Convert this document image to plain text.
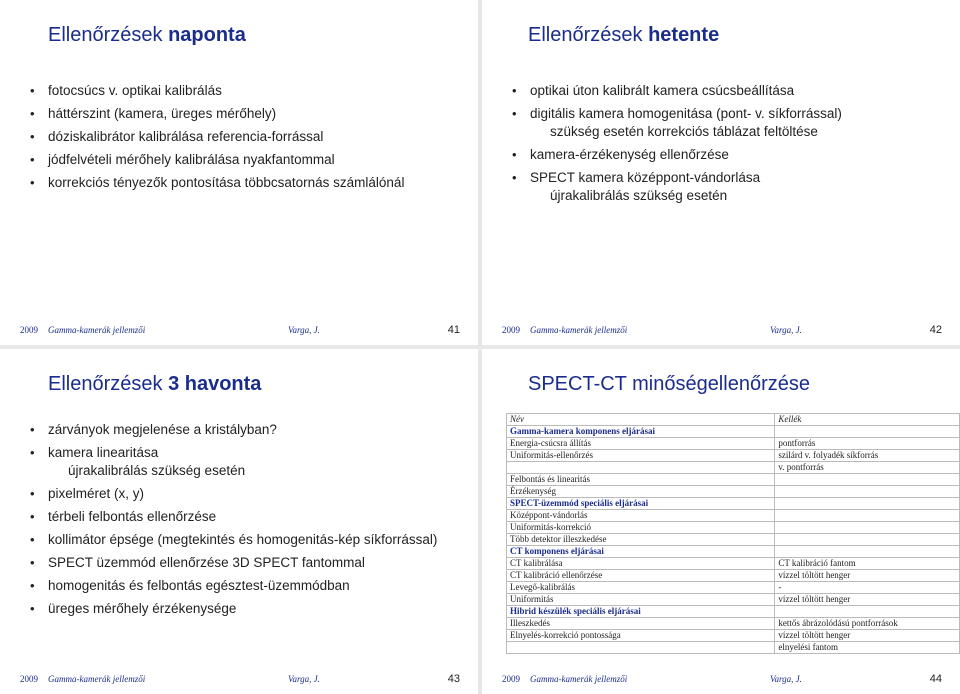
Ellenőrzések naponta
• fotocsúcs v. optikai kalibrálás
• háttérszint (kamera, üreges mérőhely)
• dóziskalibrátor kalibrálása referencia-forrással
• jódfelvételi mérőhely kalibrálása nyakfantommal
• korrekciós tényezők pontosítása többcsatornás számlálónál
2009 Gamma-kamerák jellemzői	Varga, J.	41
Ellenőrzések hetente
• optikai úton kalibrált kamera csúcsbeállítása
• digitális kamera homogenitása (pont- v. síkforrással)
szükség esetén korrekciós táblázat feltöltése
• kamera-érzékenység ellenőrzése
• SPECT kamera középpont-vándorlása
újrakalibrálás szükség esetén
2009 Gamma-kamerák jellemzői	Varga, J.	42
Ellenőrzések 3 havonta
• zárványok megjelenése a kristályban?
• kamera linearitása
újrakalibrálás szükség esetén
• pixelméret (x, y)
• térbeli felbontás ellenőrzése
• kollimátor épsége (megtekintés és homogenitás-kép síkforrással)
• SPECT üzemmód ellenőrzése 3D SPECT fantommal
• homogenitás és felbontás egésztest-üzemmódban
• üreges mérőhely érzékenysége
2009 Gamma-kamerák jellemzői	Varga, J.	43
SPECT-CT minőségellenőrzése
Név	Kellék
Gamma-kamera komponens eljárásai	
Energia-csúcsra állítás	pontforrás
Uniformitás-ellenőrzés	szilárd v. folyadék síkforrás
	v. pontforrás
Felbontás és linearitás	
Érzékenység	
SPECT-üzemmód speciális eljárásai	
Középpont-vándorlás	
Uniformitás-korrekció	
Több detektor illeszkedése	
CT komponens eljárásai	
CT kalibrálása	CT kalibráció fantom
CT kalibráció ellenőrzése	vízzel töltött henger
Levegő-kalibrálás	-
Uniformitás	vízzel töltött henger
Hibrid készülék speciális eljárásai	
Illeszkedés	kettős ábrázolódású pontforrások
Elnyelés-korrekció pontossága	vízzel töltött henger
	elnyelési fantom
2009 Gamma-kamerák jellemzői	Varga, J.	44
